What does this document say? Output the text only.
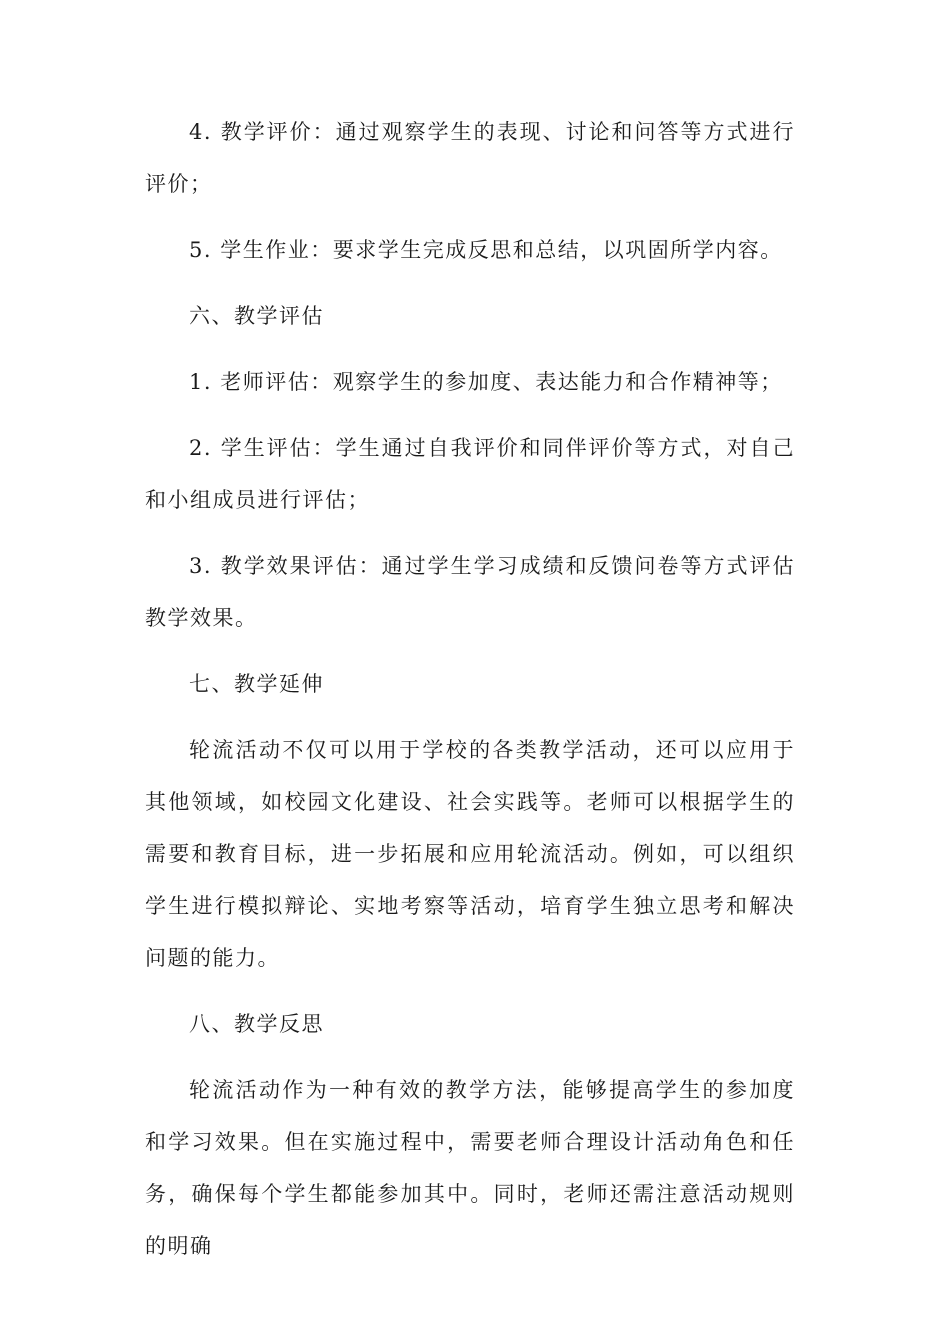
4. 教学评价：通过观察学生的表现、讨论和问答等方式进行评价；

5. 学生作业：要求学生完成反思和总结，以巩固所学内容。

六、教学评估

1. 老师评估：观察学生的参加度、表达能力和合作精神等；

2. 学生评估：学生通过自我评价和同伴评价等方式，对自己和小组成员进行评估；

3. 教学效果评估：通过学生学习成绩和反馈问卷等方式评估教学效果。

七、教学延伸

轮流活动不仅可以用于学校的各类教学活动，还可以应用于其他领域，如校园文化建设、社会实践等。老师可以根据学生的需要和教育目标，进一步拓展和应用轮流活动。例如，可以组织学生进行模拟辩论、实地考察等活动，培育学生独立思考和解决问题的能力。

八、教学反思

轮流活动作为一种有效的教学方法，能够提高学生的参加度和学习效果。但在实施过程中，需要老师合理设计活动角色和任务，确保每个学生都能参加其中。同时，老师还需注意活动规则的明确
